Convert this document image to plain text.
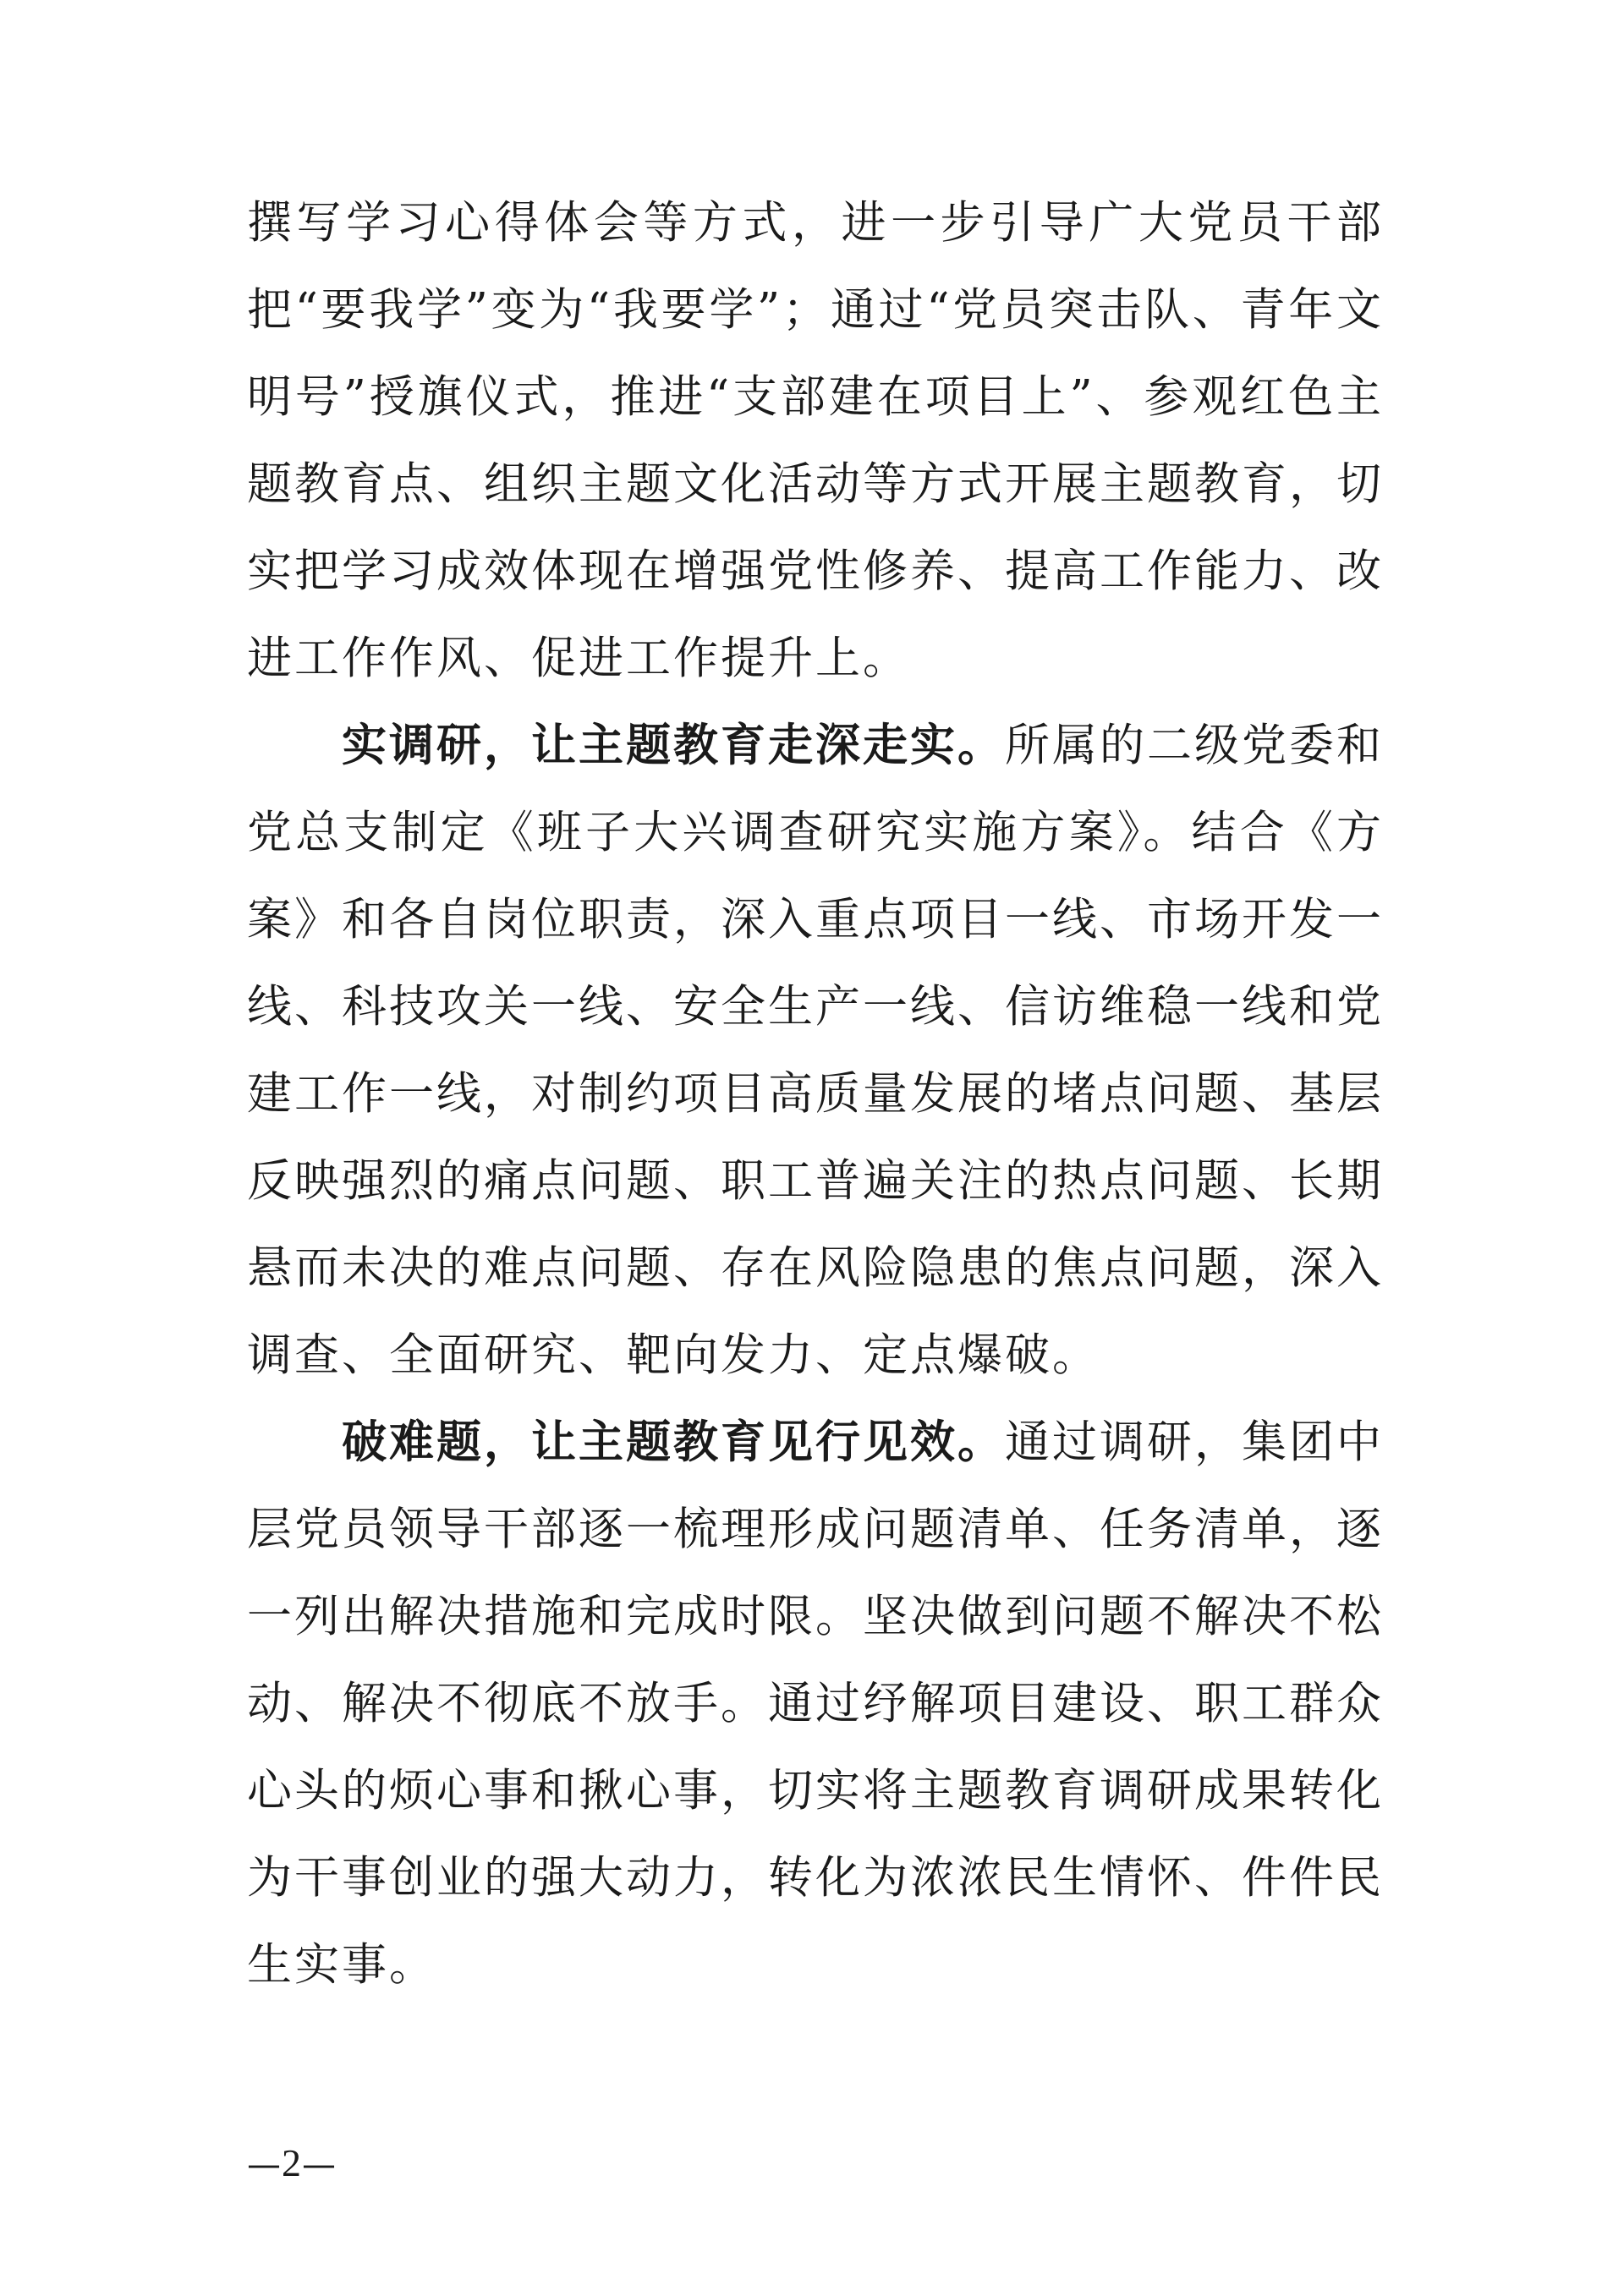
撰写学习心得体会等方式，进一步引导广大党员干部把“要我学”变为“我要学”；通过“党员突击队、青年文明号”授旗仪式，推进“支部建在项目上”、参观红色主题教育点、组织主题文化活动等方式开展主题教育，切实把学习成效体现在增强党性修养、提高工作能力、改进工作作风、促进工作提升上。

实调研，让主题教育走深走实。所属的二级党委和党总支制定《班子大兴调查研究实施方案》。结合《方案》和各自岗位职责，深入重点项目一线、市场开发一线、科技攻关一线、安全生产一线、信访维稳一线和党建工作一线，对制约项目高质量发展的堵点问题、基层反映强烈的痛点问题、职工普遍关注的热点问题、长期悬而未决的难点问题、存在风险隐患的焦点问题，深入调查、全面研究、靶向发力、定点爆破。

破难题，让主题教育见行见效。通过调研，集团中层党员领导干部逐一梳理形成问题清单、任务清单，逐一列出解决措施和完成时限。坚决做到问题不解决不松动、解决不彻底不放手。通过纾解项目建设、职工群众心头的烦心事和揪心事，切实将主题教育调研成果转化为干事创业的强大动力，转化为浓浓民生情怀、件件民生实事。

—2—
